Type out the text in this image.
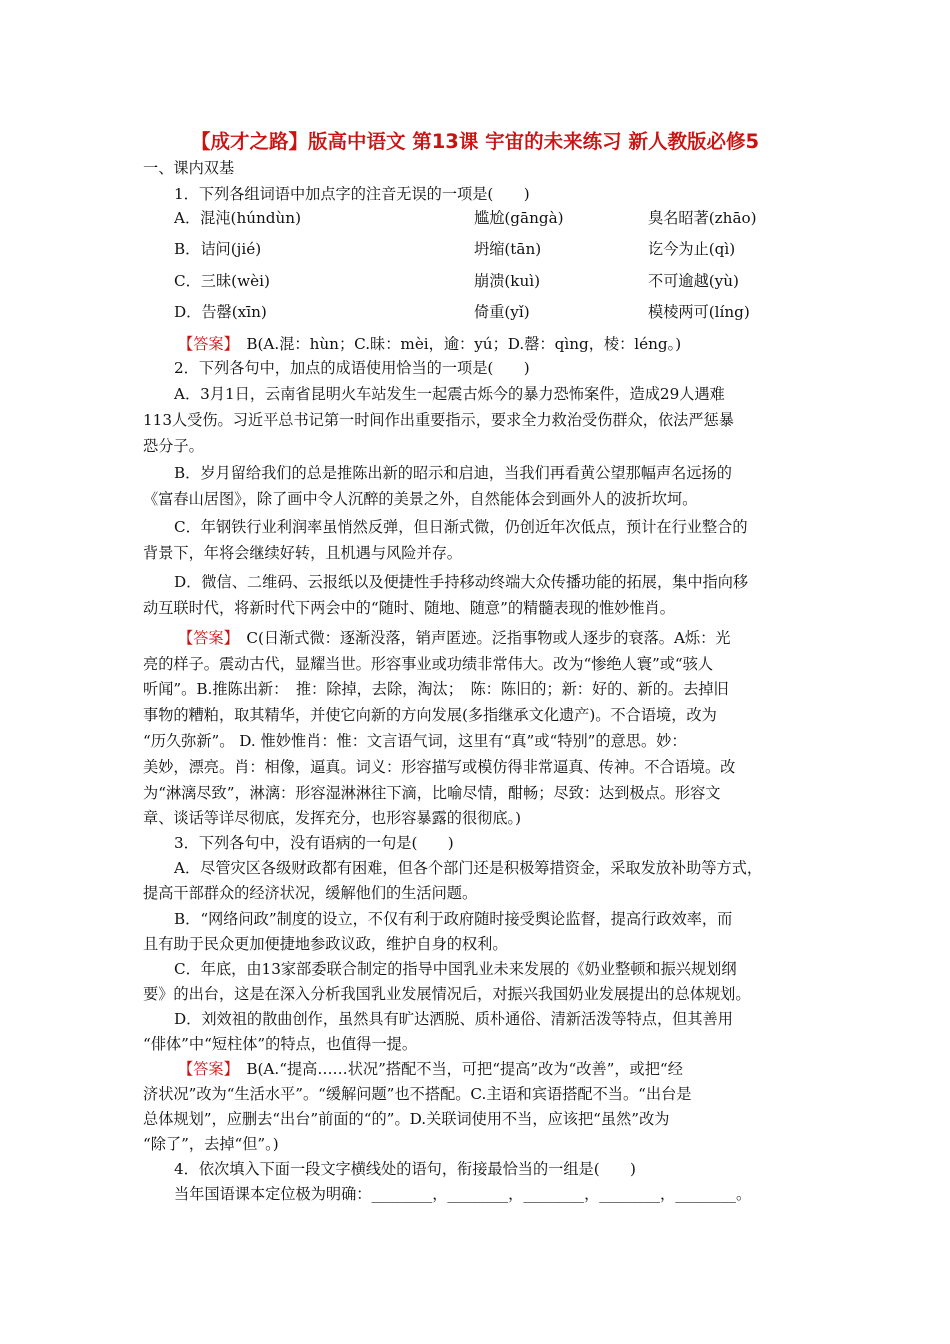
【成才之路】版高中语文 第13课 宇宙的未来练习 新人教版必修5
一、课内双基
1．下列各组词语中加点字的注音无误的一项是(　　)
A．混沌(húndùn)	尴尬(gāngà)	臭名昭著(zhāo)
B．诘问(jié)	坍缩(tān)	讫今为止(qì)
C．三昧(wèi)	崩溃(kuì)	不可逾越(yù)
D．告罄(xīn)	倚重(yǐ)	模棱两可(líng)
【答案】　B(A.混：hùn；C.昧：mèi，逾：yú；D.罄：qìng，棱：léng。)
2．下列各句中，加点的成语使用恰当的一项是(　　)
A．3月1日，云南省昆明火车站发生一起震古烁今的暴力恐怖案件，造成29人遇难
113人受伤。习近平总书记第一时间作出重要指示，要求全力救治受伤群众，依法严惩暴
恐分子。
B．岁月留给我们的总是推陈出新的昭示和启迪，当我们再看黄公望那幅声名远扬的
《富春山居图》，除了画中令人沉醉的美景之外，自然能体会到画外人的波折坎坷。
C．年钢铁行业利润率虽悄然反弹，但日渐式微，仍创近年次低点，预计在行业整合的
背景下，年将会继续好转，且机遇与风险并存。
D．微信、二维码、云报纸以及便捷性手持移动终端大众传播功能的拓展，集中指向移
动互联时代，将新时代下两会中的“随时、随地、随意”的精髓表现的惟妙惟肖。
【答案】　C(日渐式微：逐渐没落，销声匿迹。泛指事物或人逐步的衰落。A烁：光
亮的样子。震动古代，显耀当世。形容事业或功绩非常伟大。改为“惨绝人寰”或“骇人
听闻”。B.推陈出新：　推：除掉，去除，淘汰；　陈：陈旧的；新：好的、新的。去掉旧
事物的糟粕，取其精华，并使它向新的方向发展(多指继承文化遗产)。不合语境，改为
“历久弥新”。 D. 惟妙惟肖：惟：文言语气词，这里有“真”或“特别”的意思。妙：
美妙，漂亮。肖：相像，逼真。词义：形容描写或模仿得非常逼真、传神。不合语境。改
为“淋漓尽致”，淋漓：形容湿淋淋往下滴，比喻尽情，酣畅；尽致：达到极点。形容文
章、谈话等详尽彻底，发挥充分，也形容暴露的很彻底。)
3．下列各句中，没有语病的一句是(　　)
A．尽管灾区各级财政都有困难，但各个部门还是积极筹措资金，采取发放补助等方式，
提高干部群众的经济状况，缓解他们的生活问题。
B．“网络问政”制度的设立，不仅有利于政府随时接受舆论监督，提高行政效率，而
且有助于民众更加便捷地参政议政，维护自身的权利。
C．年底，由13家部委联合制定的指导中国乳业未来发展的《奶业整顿和振兴规划纲
要》的出台，这是在深入分析我国乳业发展情况后，对振兴我国奶业发展提出的总体规划。
D．刘效祖的散曲创作，虽然具有旷达洒脱、质朴通俗、清新活泼等特点，但其善用
“俳体”中“短柱体”的特点，也值得一提。
【答案】　B(A.“提高……状况”搭配不当，可把“提高”改为“改善”，或把“经
济状况”改为“生活水平”。“缓解问题”也不搭配。C.主语和宾语搭配不当。“出台是
总体规划”，应删去“出台”前面的“的”。D.关联词使用不当，应该把“虽然”改为
“除了”，去掉“但”。)
4．依次填入下面一段文字横线处的语句，衔接最恰当的一组是(　　)
当年国语课本定位极为明确：________，________，________，________，________。
